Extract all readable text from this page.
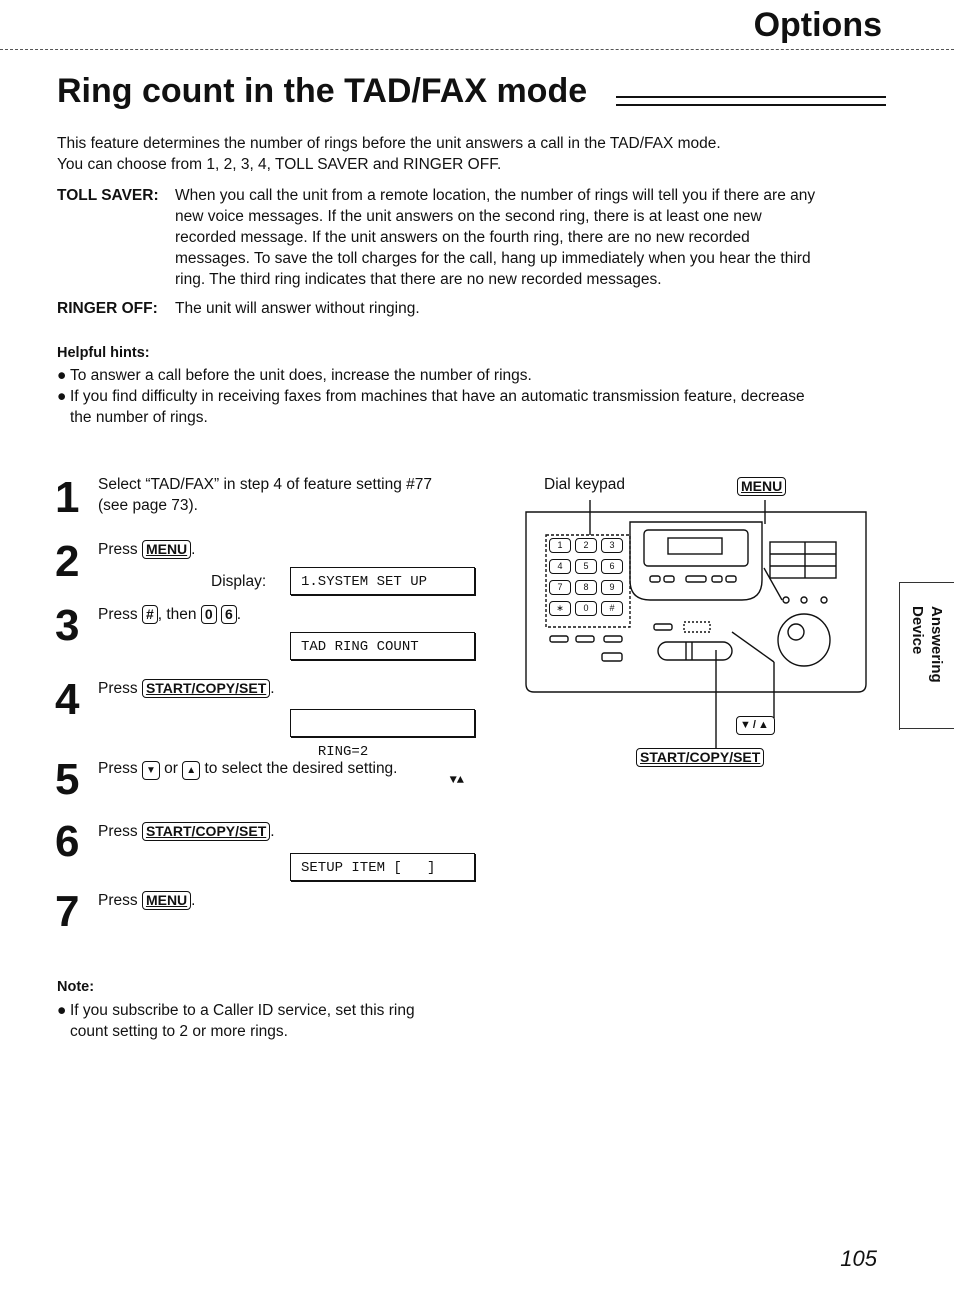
Options
Ring count in the TAD/FAX mode
This feature determines the number of rings before the unit answers a call in the TAD/FAX mode.
You can choose from 1, 2, 3, 4, TOLL SAVER and RINGER OFF.
TOLL SAVER: When you call the unit from a remote location, the number of rings will tell you if there are any
new voice messages. If the unit answers on the second ring, there is at least one new
recorded message. If the unit answers on the fourth ring, there are no new recorded
messages. To save the toll charges for the call, hang up immediately when you hear the third
ring. The third ring indicates that there are no new recorded messages.
RINGER OFF: The unit will answer without ringing.
Helpful hints:
● To answer a call before the unit does, increase the number of rings.
● If you find difficulty in receiving faxes from machines that have an automatic transmission feature, decrease
the number of rings.
1 Select “TAD/FAX” in step 4 of feature setting #77
(see page 73).
2 Press MENU .
Display:	1.SYSTEM SET UP
3 Press # , then 0 6 .
TAD RING COUNT
4 Press START/COPY/SET .

RING=2

▼▲

5 Press ▼ or ▲ to select the desired setting.
6 Press START/COPY/SET .
SETUP ITEM [   ]
7 Press MENU .
Note:
● If you subscribe to a Caller ID service, set this ring
count setting to 2 or more rings.
Dial keypad	MENU
▼/▲
START/COPY/SET
1	2	3
4	5	6
7	8	9
∗	0	#	Answering
Device
105
